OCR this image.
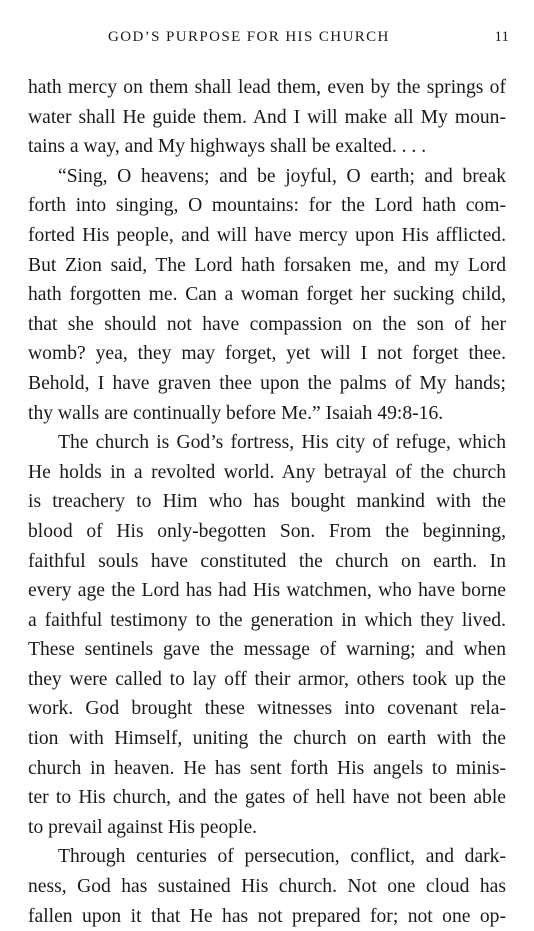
GOD’S PURPOSE FOR HIS CHURCH	11
hath mercy on them shall lead them, even by the springs of
water shall He guide them. And I will make all My moun-
tains a way, and My highways shall be exalted. . . .
“Sing, O heavens; and be joyful, O earth; and break
forth into singing, O mountains: for the Lord hath com-
forted His people, and will have mercy upon His afflicted.
But Zion said, The Lord hath forsaken me, and my Lord
hath forgotten me. Can a woman forget her sucking child,
that she should not have compassion on the son of her
womb? yea, they may forget, yet will I not forget thee.
Behold, I have graven thee upon the palms of My hands;
thy walls are continually before Me.” Isaiah 49:8-16.
The church is God’s fortress, His city of refuge, which
He holds in a revolted world. Any betrayal of the church
is treachery to Him who has bought mankind with the
blood of His only-begotten Son. From the beginning,
faithful souls have constituted the church on earth. In
every age the Lord has had His watchmen, who have borne
a faithful testimony to the generation in which they lived.
These sentinels gave the message of warning; and when
they were called to lay off their armor, others took up the
work. God brought these witnesses into covenant rela-
tion with Himself, uniting the church on earth with the
church in heaven. He has sent forth His angels to minis-
ter to His church, and the gates of hell have not been able
to prevail against His people.
Through centuries of persecution, conflict, and dark-
ness, God has sustained His church. Not one cloud has
fallen upon it that He has not prepared for; not one op-
